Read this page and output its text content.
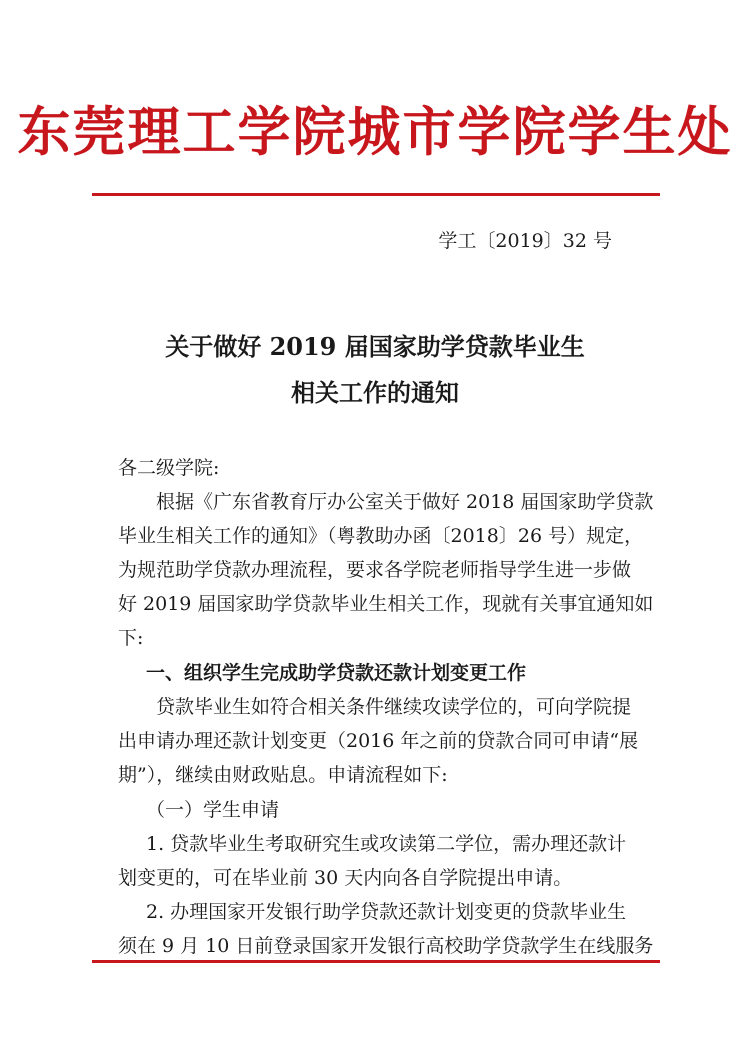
东莞理工学院城市学院学生处
学工〔2019〕32 号
关于做好 2019 届国家助学贷款毕业生
相关工作的通知
各二级学院:
根据《广东省教育厅办公室关于做好 2018 届国家助学贷款
毕业生相关工作的通知》（粤教助办函〔2018〕26 号）规定，
为规范助学贷款办理流程，要求各学院老师指导学生进一步做
好 2019 届国家助学贷款毕业生相关工作，现就有关事宜通知如
下:
一、组织学生完成助学贷款还款计划变更工作
贷款毕业生如符合相关条件继续攻读学位的，可向学院提
出申请办理还款计划变更（2016 年之前的贷款合同可申请“展
期”），继续由财政贴息。申请流程如下:
（一）学生申请
1. 贷款毕业生考取研究生或攻读第二学位，需办理还款计
划变更的，可在毕业前 30 天内向各自学院提出申请。
2. 办理国家开发银行助学贷款还款计划变更的贷款毕业生
须在 9 月 10 日前登录国家开发银行高校助学贷款学生在线服务
